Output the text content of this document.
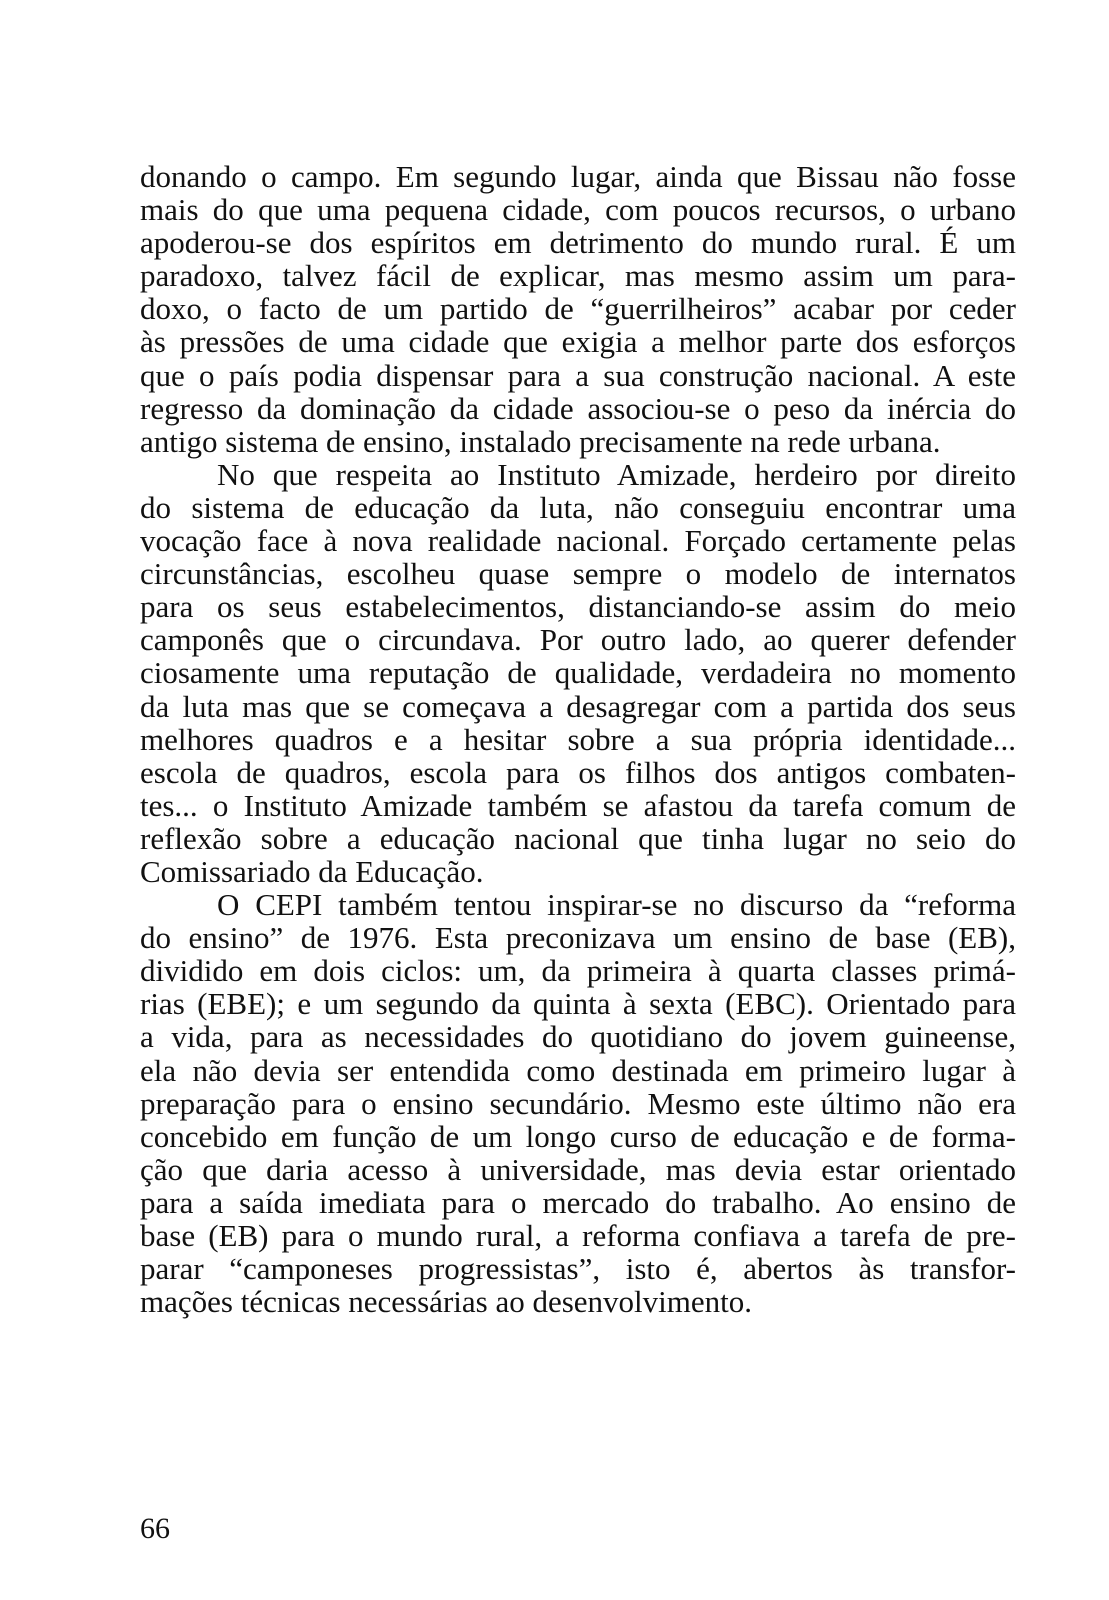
donando o campo. Em segundo lugar, ainda que Bissau não fosse
mais do que uma pequena cidade, com poucos recursos, o urbano
apoderou-se dos espíritos em detrimento do mundo rural. É um
paradoxo, talvez fácil de explicar, mas mesmo assim um para-
doxo, o facto de um partido de “guerrilheiros” acabar por ceder
às pressões de uma cidade que exigia a melhor parte dos esforços
que o país podia dispensar para a sua construção nacional. A este
regresso da dominação da cidade associou-se o peso da inércia do
antigo sistema de ensino, instalado precisamente na rede urbana.
No que respeita ao Instituto Amizade, herdeiro por direito
do sistema de educação da luta, não conseguiu encontrar uma
vocação face à nova realidade nacional. Forçado certamente pelas
circunstâncias, escolheu quase sempre o modelo de internatos
para os seus estabelecimentos, distanciando-se assim do meio
camponês que o circundava. Por outro lado, ao querer defender
ciosamente uma reputação de qualidade, verdadeira no momento
da luta mas que se começava a desagregar com a partida dos seus
melhores quadros e a hesitar sobre a sua própria identidade...
escola de quadros, escola para os filhos dos antigos combaten-
tes... o Instituto Amizade também se afastou da tarefa comum de
reflexão sobre a educação nacional que tinha lugar no seio do
Comissariado da Educação.
O CEPI também tentou inspirar-se no discurso da “reforma
do ensino” de 1976. Esta preconizava um ensino de base (EB),
dividido em dois ciclos: um, da primeira à quarta classes primá-
rias (EBE); e um segundo da quinta à sexta (EBC). Orientado para
a vida, para as necessidades do quotidiano do jovem guineense,
ela não devia ser entendida como destinada em primeiro lugar à
preparação para o ensino secundário. Mesmo este último não era
concebido em função de um longo curso de educação e de forma-
ção que daria acesso à universidade, mas devia estar orientado
para a saída imediata para o mercado do trabalho. Ao ensino de
base (EB) para o mundo rural, a reforma confiava a tarefa de pre-
parar “camponeses progressistas”, isto é, abertos às transfor-
mações técnicas necessárias ao desenvolvimento.
66
